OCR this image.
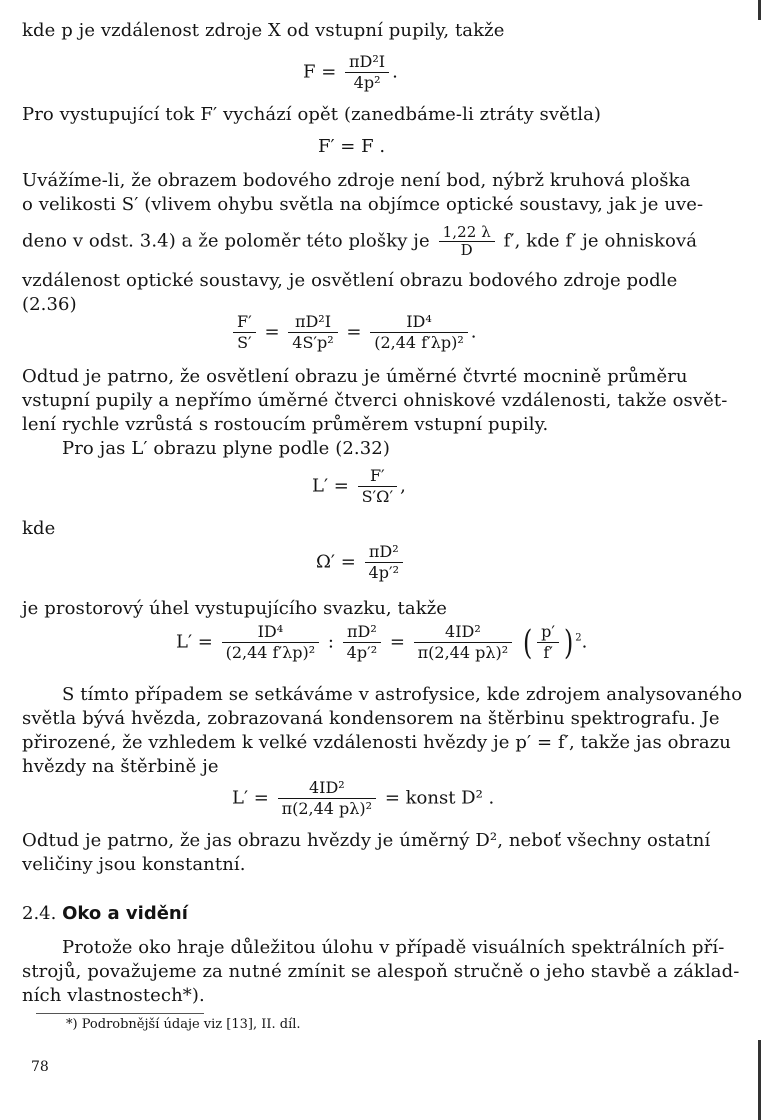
kde p je vzdálenost zdroje X od vstupní pupily, takže
$F = \frac{\text{πD²I}}{\text{4p²}}$ .
Pro vystupující tok F′ vychází opět (zanedbáme-li ztráty světla)
F′ = F .
Uvážíme-li, že obrazem bodového zdroje není bod, nýbrž kruhová ploška
o velikosti S′ (vlivem ohybu světla na objímce optické soustavy, jak je uve-
deno v odst. 3.4) a že poloměr této plošky je $\frac{1,22 \lambda}{D} f'$, kde f′ je ohnisková
vzdálenost optické soustavy, je osvětlení obrazu bodového zdroje podle
(2.36)
$\frac{F'}{S'} = \frac{\text{πD²I}}{\text{4S′p²}} = \frac{\text{ID⁴}}{\text{(2,44 f′λp)²}}$ .
Odtud je patrno, že osvětlení obrazu je úměrné čtvrté mocnině průměru
vstupní pupily a nepřímo úměrné čtverci ohniskové vzdálenosti, takže osvět-
lení rychle vzrůstá s rostoucím průměrem vstupní pupily.
Pro jas L′ obrazu plyne podle (2.32)
$L' = \frac{F'}{S'\Omega'}$ ,
kde
$\Omega' = \frac{\text{πD²}}{\text{4p′²}}$
je prostorový úhel vystupujícího svazku, takže
$L' = \frac{\text{ID⁴}}{\text{(2,44 f′λp)²}}$ : $\frac{\text{πD²}}{\text{4p′²}} = \frac{\text{4ID²}}{\text{π(2,44 pλ)²}}$ ( $\frac{p'}{f'}$ ) $^2$.
S tímto případem se setkáváme v astrofysice, kde zdrojem analysovaného
světla bývá hvězda, zobrazovaná kondensorem na štěrbinu spektrografu. Je
přirozené, že vzhledem k velké vzdálenosti hvězdy je p′ = f′, takže jas obrazu
hvězdy na štěrbině je
$L' = \frac{\text{4ID²}}{\text{π(2,44 pλ)²}}$ = konst D² .
Odtud je patrno, že jas obrazu hvězdy je úměrný D², neboť všechny ostatní
veličiny jsou konstantní.
2.4. Oko a vidění
Protože oko hraje důležitou úlohu v případě visuálních spektrálních pří-
strojů, považujeme za nutné zmínit se alespoň stručně o jeho stavbě a základ-
ních vlastnostech*).
*) Podrobnější údaje viz [13], II. díl.
78
